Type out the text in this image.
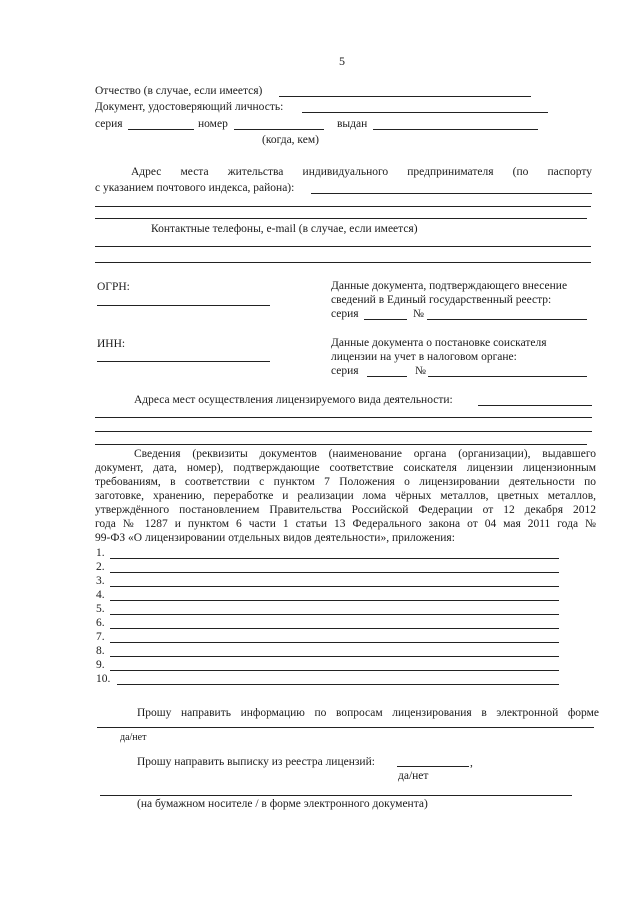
5
Отчество (в случае, если имеется)
Документ, удостоверяющий личность:
серия	номер	выдан
(когда, кем)
Адрес места жительства индивидуального предпринимателя (по паспорту
с указанием почтового индекса, района):
Контактные телефоны, e-mail (в случае, если имеется)
ОГРН:	Данные документа, подтверждающего внесение
сведений в Единый государственный реестр:
серия	№
ИНН:	Данные документа о постановке соискателя
лицензии на учет в налоговом органе:
серия	№
Адреса мест осуществления лицензируемого вида деятельности:
Сведения (реквизиты документов (наименование органа (организации), выдавшего
документ, дата, номер), подтверждающие соответствие соискателя лицензии лицензионным
требованиям, в соответствии с пунктом 7 Положения о лицензировании деятельности по
заготовке, хранению, переработке и реализации лома чёрных металлов, цветных металлов,
утверждённого постановлением Правительства Российской Федерации от 12 декабря 2012
года № 1287 и пунктом 6 части 1 статьи 13 Федерального закона от 04 мая 2011 года №
99-ФЗ «О лицензировании отдельных видов деятельности», приложения:
1.
2.
3.
4.
5.
6.
7.
8.
9.
10.
Прошу направить информацию по вопросам лицензирования в электронной форме
да/нет
Прошу направить выписку из реестра лицензий:	,
да/нет
(на бумажном носителе / в форме электронного документа)
